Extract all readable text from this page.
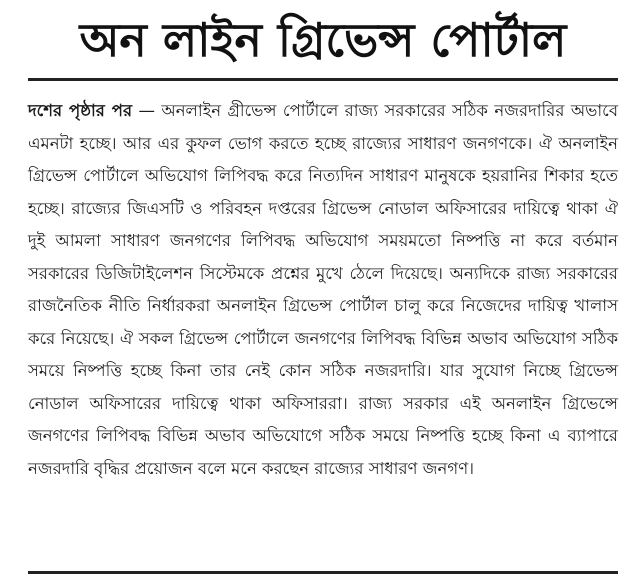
অন লাইন গ্রিভেন্স পোর্টাল

দশের পৃষ্ঠার পর — অনলাইন গ্রীভেন্স পোর্টালে রাজ্য সরকারের সঠিক নজরদারির অভাবে এমনটা হচ্ছে। আর এর কুফল ভোগ করতে হচ্ছে রাজ্যের সাধারণ জনগণকে। ঐ অনলাইন গ্রিভেন্স পোর্টালে অভিযোগ লিপিবদ্ধ করে নিত্যদিন সাধারণ মানুষকে হয়রানির শিকার হতে হচ্ছে। রাজ্যের জিএসটি ও পরিবহন দপ্তরের গ্রিভেন্স নোডাল অফিসারের দায়িত্বে থাকা ঐ দুই আমলা সাধারণ জনগণের লিপিবদ্ধ অভিযোগ সময়মতো নিষ্পত্তি না করে বর্তমান সরকারের ডিজিটাইলেশন সিস্টেমকে প্রশ্নের মুখে ঠেলে দিয়েছে। অন্যদিকে রাজ্য সরকারের রাজনৈতিক নীতি নির্ধারকরা অনলাইন গ্রিভেন্স পোর্টাল চালু করে নিজেদের দায়িত্ব খালাস করে নিয়েছে। ঐ সকল গ্রিভেন্স পোর্টালে জনগণের লিপিবদ্ধ বিভিন্ন অভাব অভিযোগ সঠিক সময়ে নিষ্পত্তি হচ্ছে কিনা তার নেই কোন সঠিক নজরদারি। যার সুযোগ নিচ্ছে গ্রিভেন্স নোডাল অফিসারের দায়িত্বে থাকা অফিসাররা। রাজ্য সরকার এই অনলাইন গ্রিভেন্সে জনগণের লিপিবদ্ধ বিভিন্ন অভাব অভিযোগে সঠিক সময়ে নিষ্পত্তি হচ্ছে কিনা এ ব্যাপারে নজরদারি বৃদ্ধির প্রয়োজন বলে মনে করছেন রাজ্যের সাধারণ জনগণ।
